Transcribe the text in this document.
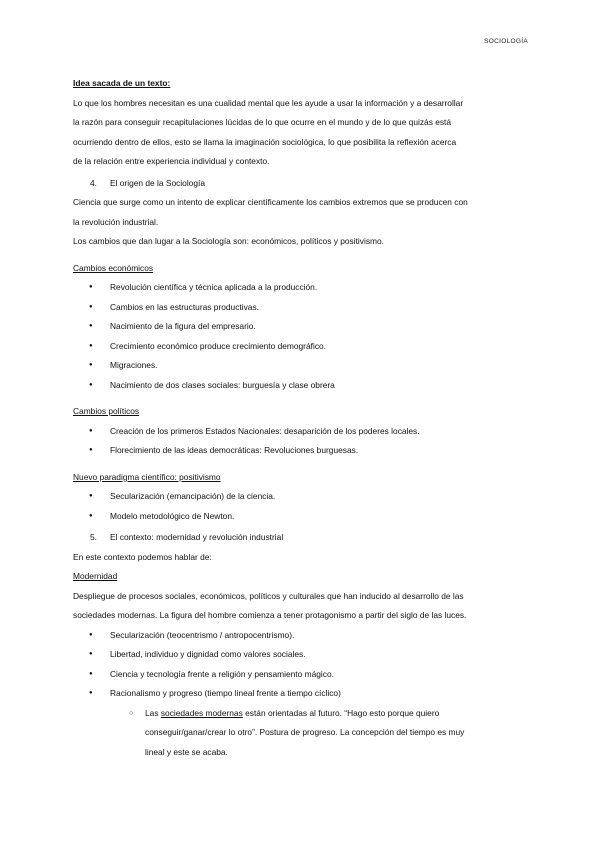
SOCIOLOGÍA

Idea sacada de un texto:

Lo que los hombres necesitan es una cualidad mental que les ayude a usar la información y a desarrollar

la razón para conseguir recapitulaciones lúcidas de lo que ocurre en el mundo y de lo que quizás está

ocurriendo dentro de ellos, esto se llama la imaginación sociológica, lo que posibilita la reflexión acerca

de la relación entre experiencia individual y contexto.

4. El origen de la Sociología

Ciencia que surge como un intento de explicar científicamente los cambios extremos que se producen con

la revolución industrial.

Los cambios que dan lugar a la Sociología son: económicos, políticos y positivismo.

Cambios económicos

● Revolución científica y técnica aplicada a la producción.
● Cambios en las estructuras productivas.
● Nacimiento de la figura del empresario.
● Crecimiento económico produce crecimiento demográfico.
● Migraciones.
● Nacimiento de dos clases sociales: burguesía y clase obrera

Cambios políticos

● Creación de los primeros Estados Nacionales: desaparición de los poderes locales.
● Florecimiento de las ideas democráticas: Revoluciones burguesas.

Nuevo paradigma científico: positivismo

● Secularización (emancipación) de la ciencia.
● Modelo metodológico de Newton.

5. El contexto: modernidad y revolución industrial

En este contexto podemos hablar de:

Modernidad

Despliegue de procesos sociales, económicos, políticos y culturales que han inducido al desarrollo de las

sociedades modernas. La figura del hombre comienza a tener protagonismo a partir del siglo de las luces.

● Secularización (teocentrismo / antropocentrismo).
● Libertad, individuo y dignidad como valores sociales.
● Ciencia y tecnología frente a religión y pensamiento mágico.
● Racionalismo y progreso (tiempo lineal frente a tiempo cíclico)
○ Las sociedades modernas están orientadas al futuro. “Hago esto porque quiero
conseguir/ganar/crear lo otro”. Postura de progreso. La concepción del tiempo es muy
lineal y este se acaba.
